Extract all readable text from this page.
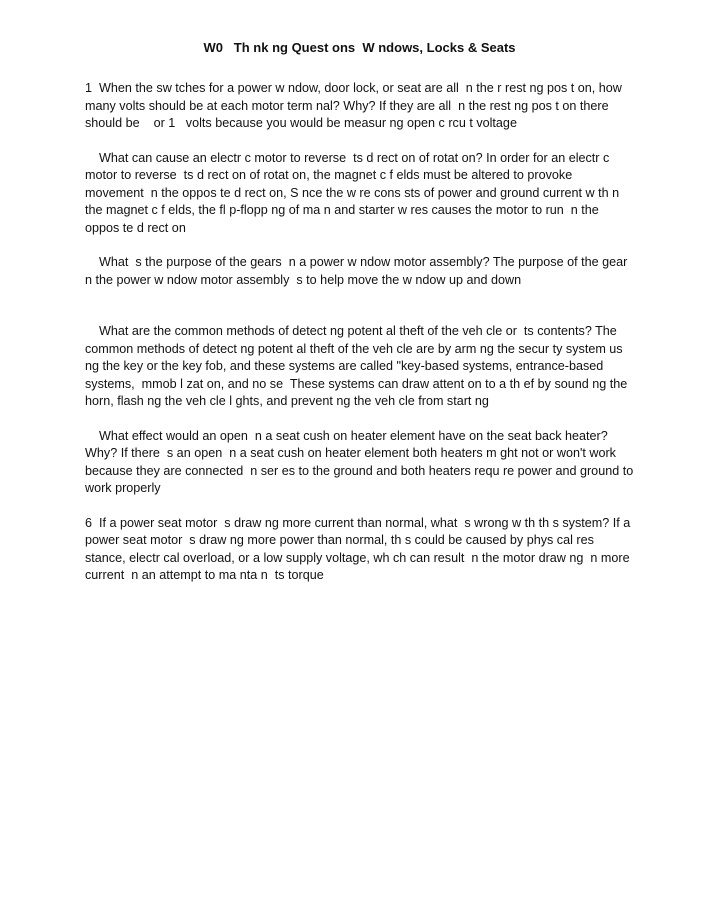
W0   Th nk ng Quest ons  W ndows, Locks & Seats

1  When the sw tches for a power w ndow, door lock, or seat are all  n the r rest ng pos t on, how many volts should be at each motor term nal? Why? If they are all  n the rest ng pos t on there should be    or 1   volts because you would be measur ng open c rcu t voltage

What can cause an electr c motor to reverse  ts d rect on of rotat on? In order for an electr c motor to reverse  ts d rect on of rotat on, the magnet c f elds must be altered to provoke movement  n the oppos te d rect on, S nce the w re cons sts of power and ground current w th n the magnet c f elds, the fl p-flopp ng of ma n and starter w res causes the motor to run  n the oppos te d rect on

What  s the purpose of the gears  n a power w ndow motor assembly? The purpose of the gear  n the power w ndow motor assembly  s to help move the w ndow up and down

What are the common methods of detect ng potent al theft of the veh cle or  ts contents? The common methods of detect ng potent al theft of the veh cle are by arm ng the secur ty system us ng the key or the key fob, and these systems are called "key-based systems, entrance-based systems,  mmob l zat on, and no se  These systems can draw attent on to a th ef by sound ng the horn, flash ng the veh cle l ghts, and prevent ng the veh cle from start ng

What effect would an open  n a seat cush on heater element have on the seat back heater? Why? If there  s an open  n a seat cush on heater element both heaters m ght not or won't work because they are connected  n ser es to the ground and both heaters requ re power and ground to work properly

6  If a power seat motor  s draw ng more current than normal, what  s wrong w th th s system? If a power seat motor  s draw ng more power than normal, th s could be caused by phys cal res stance, electr cal overload, or a low supply voltage, wh ch can result  n the motor draw ng  n more current  n an attempt to ma nta n  ts torque
